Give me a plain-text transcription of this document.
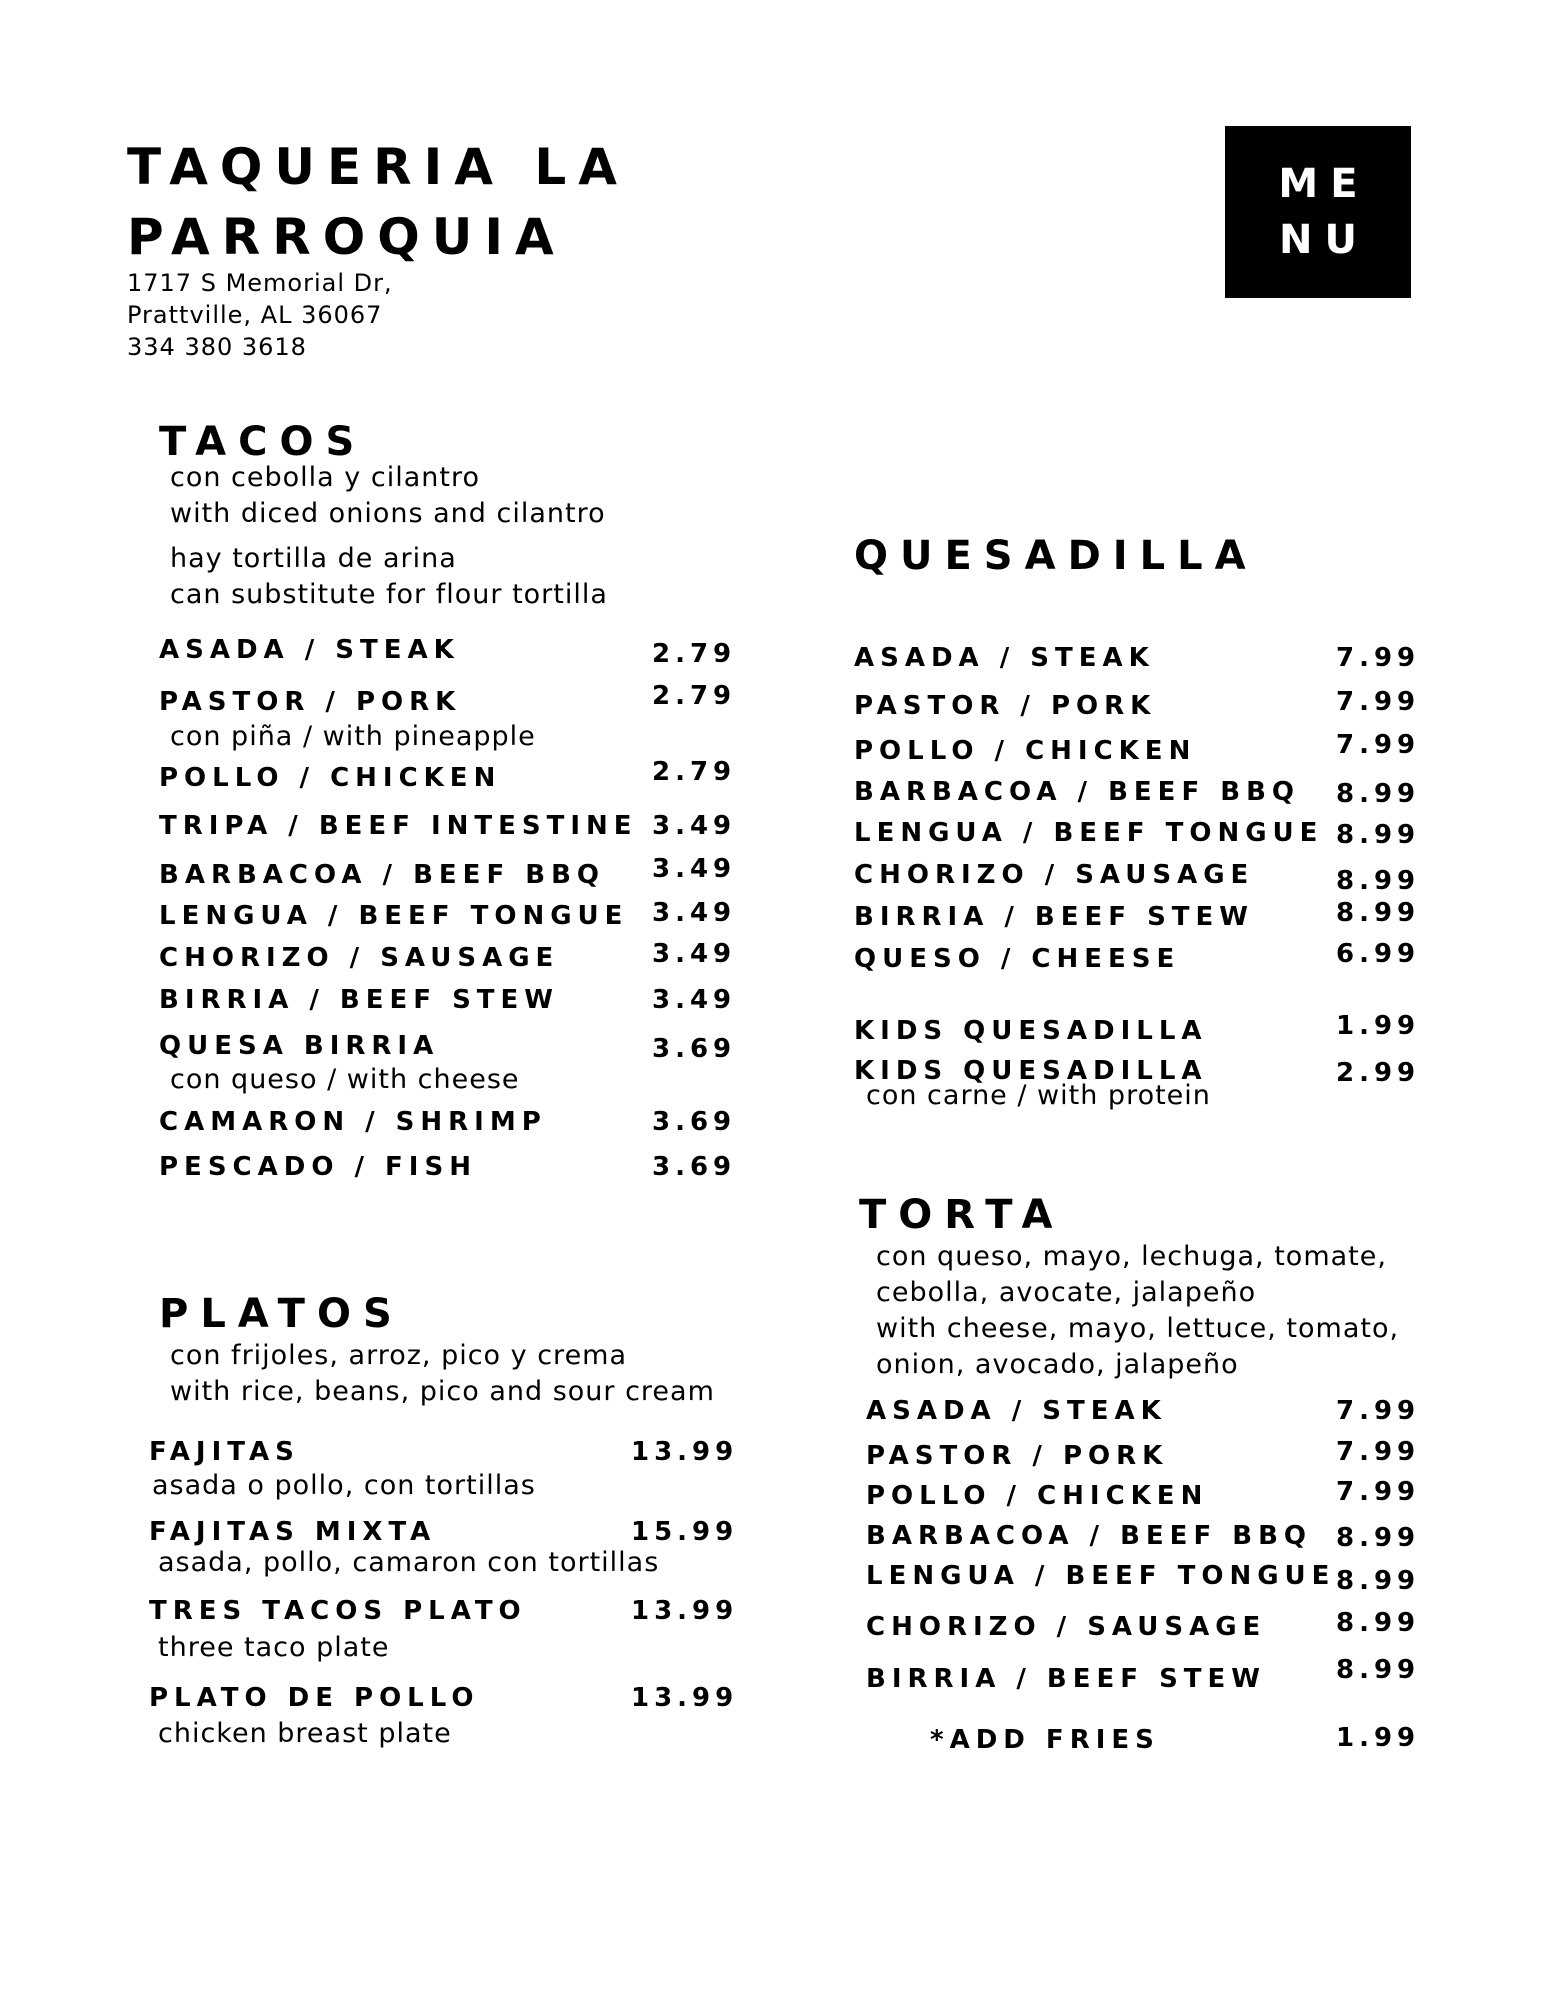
TAQUERIA LA
PARROQUIA
1717 S Memorial Dr,
Prattville, AL 36067
334 380 3618
ME
NU
TACOS
con cebolla y cilantro
with diced onions and cilantro
hay tortilla de arina
can substitute for flour tortilla
ASADA / STEAK	2.79
PASTOR / PORK	2.79
con piña / with pineapple
POLLO / CHICKEN	2.79
TRIPA / BEEF INTESTINE 3.49
BARBACOA / BEEF BBQ 3.49
LENGUA / BEEF TONGUE 3.49
CHORIZO / SAUSAGE	3.49
BIRRIA / BEEF STEW	3.49
QUESA BIRRIA	3.69
con queso / with cheese
CAMARON / SHRIMP	3.69
PESCADO / FISH	3.69
PLATOS
con frijoles, arroz, pico y crema
with rice, beans, pico and sour cream
FAJITAS	13.99
asada o pollo, con tortillas
FAJITAS MIXTA	15.99
asada, pollo, camaron con tortillas
TRES TACOS PLATO	13.99
three taco plate
PLATO DE POLLO	13.99
chicken breast plate
QUESADILLA
ASADA / STEAK	7.99
PASTOR / PORK	7.99
POLLO / CHICKEN	7.99
BARBACOA / BEEF BBQ 8.99
LENGUA / BEEF TONGUE 8.99
CHORIZO / SAUSAGE	8.99
BIRRIA / BEEF STEW	8.99
QUESO / CHEESE	6.99
KIDS QUESADILLA	1.99
KIDS QUESADILLA	2.99
con carne / with protein
TORTA
con queso, mayo, lechuga, tomate,
cebolla, avocate, jalapeño
with cheese, mayo, lettuce, tomato,
onion, avocado, jalapeño
ASADA / STEAK	7.99
PASTOR / PORK	7.99
POLLO / CHICKEN	7.99
BARBACOA / BEEF BBQ 8.99
LENGUA / BEEF TONGUE 8.99
CHORIZO / SAUSAGE	8.99
BIRRIA / BEEF STEW	8.99
*ADD FRIES	1.99
